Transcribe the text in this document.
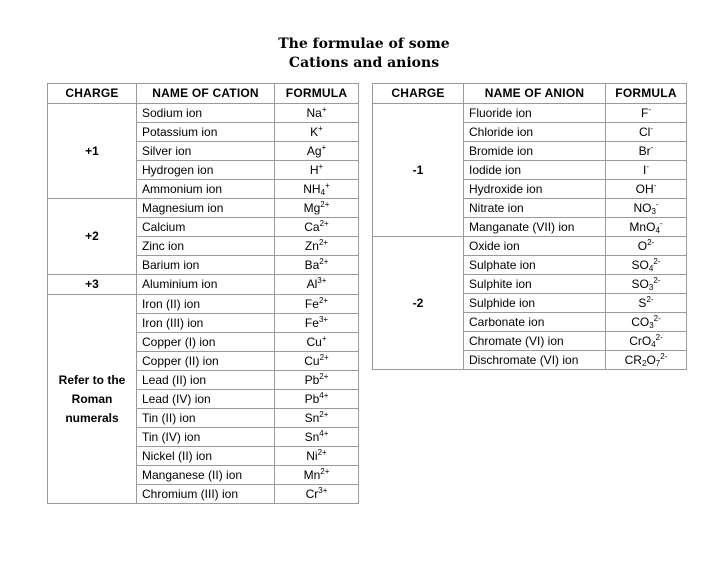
The formulae of some
Cations and anions
CHARGE	NAME OF CATION	FORMULA
+1	Sodium ion	Na+
	Potassium ion	K+
	Silver ion	Ag+
	Hydrogen ion	H+
	Ammonium ion	$NH_4^+$
+2	Magnesium ion	$Mg^{2+}$
	Calcium	$Ca^{2+}$
	Zinc ion	$Zn^{2+}$
	Barium ion	$Ba^{2+}$
+3	Aluminium ion	$Al^{3+}$
Refer to the Roman numerals	Iron (II) ion	$Fe^{2+}$
	Iron (III) ion	$Fe^{3+}$
	Copper (I) ion	Cu+
	Copper (II) ion	$Cu^{2+}$
	Lead (II) ion	$Pb^{2+}$
	Lead (IV) ion	$Pb^{4+}$
	Tin (II) ion	$Sn^{2+}$
	Tin (IV) ion	$Sn^{4+}$
	Nickel (II) ion	$Ni^{2+}$
	Manganese (II) ion	$Mn^{2+}$
	Chromium (III) ion	$Cr^{3+}$
CHARGE	NAME OF ANION	FORMULA
-1	Fluoride ion	F-
	Chloride ion	Cl-
	Bromide ion	Br-
	Iodide ion	I-
	Hydroxide ion	OH-
	Nitrate ion	$NO_3^-$
	Manganate (VII) ion	MnO$_4$-
-2	Oxide ion	$O^{2-}$
	Sulphate ion	$SO_4^{2-}$
	Sulphite ion	$SO_3^{2-}$
	Sulphide ion	$S^{2-}$
	Carbonate ion	$CO_3^{2-}$
	Chromate (VI) ion	CrO$_4^{2-}$
	Dischromate (VI) ion	$CR_2O_7^{2-}$
